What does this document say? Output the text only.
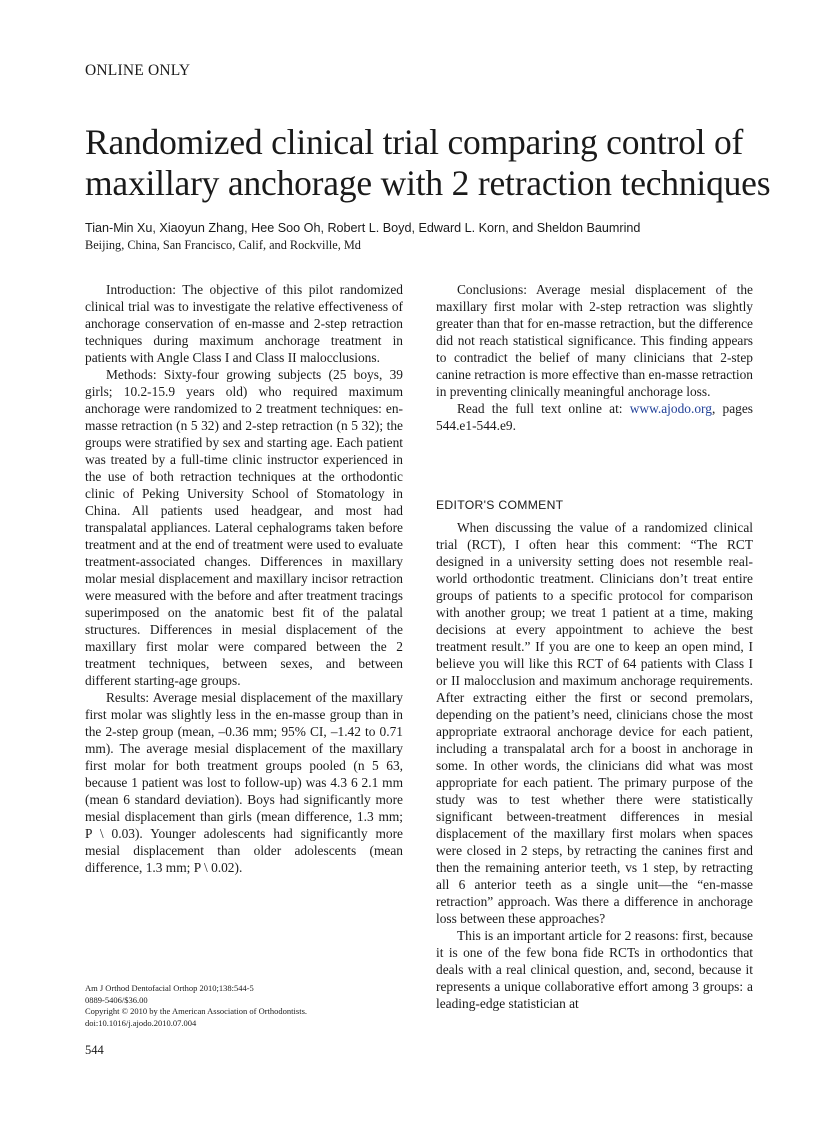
ONLINE ONLY
Randomized clinical trial comparing control of maxillary anchorage with 2 retraction techniques
Tian-Min Xu, Xiaoyun Zhang, Hee Soo Oh, Robert L. Boyd, Edward L. Korn, and Sheldon Baumrind
Beijing, China, San Francisco, Calif, and Rockville, Md

Introduction: The objective of this pilot randomized clinical trial was to investigate the relative effectiveness of anchorage conservation of en-masse and 2-step retraction techniques during maximum anchorage treatment in patients with Angle Class I and Class II malocclusions.

Methods: Sixty-four growing subjects (25 boys, 39 girls; 10.2-15.9 years old) who required maximum anchorage were randomized to 2 treatment techniques: en-masse retraction (n 5 32) and 2-step retraction (n 5 32); the groups were stratified by sex and starting age. Each patient was treated by a full-time clinic instructor experienced in the use of both retraction techniques at the orthodontic clinic of Peking University School of Stomatology in China. All patients used headgear, and most had transpalatal appliances. Lateral cephalograms taken before treatment and at the end of treatment were used to evaluate treatment-associated changes. Differences in maxillary molar mesial displacement and maxillary incisor retraction were measured with the before and after treatment tracings superimposed on the anatomic best fit of the palatal structures. Differences in mesial displacement of the maxillary first molar were compared between the 2 treatment techniques, between sexes, and between different starting-age groups.

Results: Average mesial displacement of the maxillary first molar was slightly less in the en-masse group than in the 2-step group (mean, –0.36 mm; 95% CI, –1.42 to 0.71 mm). The average mesial displacement of the maxillary first molar for both treatment groups pooled (n 5 63, because 1 patient was lost to follow-up) was 4.3 6 2.1 mm (mean 6 standard deviation). Boys had significantly more mesial displacement than girls (mean difference, 1.3 mm; P \ 0.03). Younger adolescents had significantly more mesial displacement than older adolescents (mean difference, 1.3 mm; P \ 0.02).

Conclusions: Average mesial displacement of the maxillary first molar with 2-step retraction was slightly greater than that for en-masse retraction, but the difference did not reach statistical significance. This finding appears to contradict the belief of many clinicians that 2-step canine retraction is more effective than en-masse retraction in preventing clinically meaningful anchorage loss.

Read the full text online at: www.ajodo.org, pages 544.e1-544.e9.

EDITOR'S COMMENT

When discussing the value of a randomized clinical trial (RCT), I often hear this comment: “The RCT designed in a university setting does not resemble real-world orthodontic treatment. Clinicians don’t treat entire groups of patients to a specific protocol for comparison with another group; we treat 1 patient at a time, making decisions at every appointment to achieve the best treatment result.” If you are one to keep an open mind, I believe you will like this RCT of 64 patients with Class I or II malocclusion and maximum anchorage requirements. After extracting either the first or second premolars, depending on the patient’s need, clinicians chose the most appropriate extraoral anchorage device for each patient, including a transpalatal arch for a boost in anchorage in some. In other words, the clinicians did what was most appropriate for each patient. The primary purpose of the study was to test whether there were statistically significant between-treatment differences in mesial displacement of the maxillary first molars when spaces were closed in 2 steps, by retracting the canines first and then the remaining anterior teeth, vs 1 step, by retracting all 6 anterior teeth as a single unit—the “en-masse retraction” approach. Was there a difference in anchorage loss between these approaches?

This is an important article for 2 reasons: first, because it is one of the few bona fide RCTs in orthodontics that deals with a real clinical question, and, second, because it represents a unique collaborative effort among 3 groups: a leading-edge statistician at

Am J Orthod Dentofacial Orthop 2010;138:544-5
0889-5406/$36.00
Copyright © 2010 by the American Association of Orthodontists.
doi:10.1016/j.ajodo.2010.07.004
544
